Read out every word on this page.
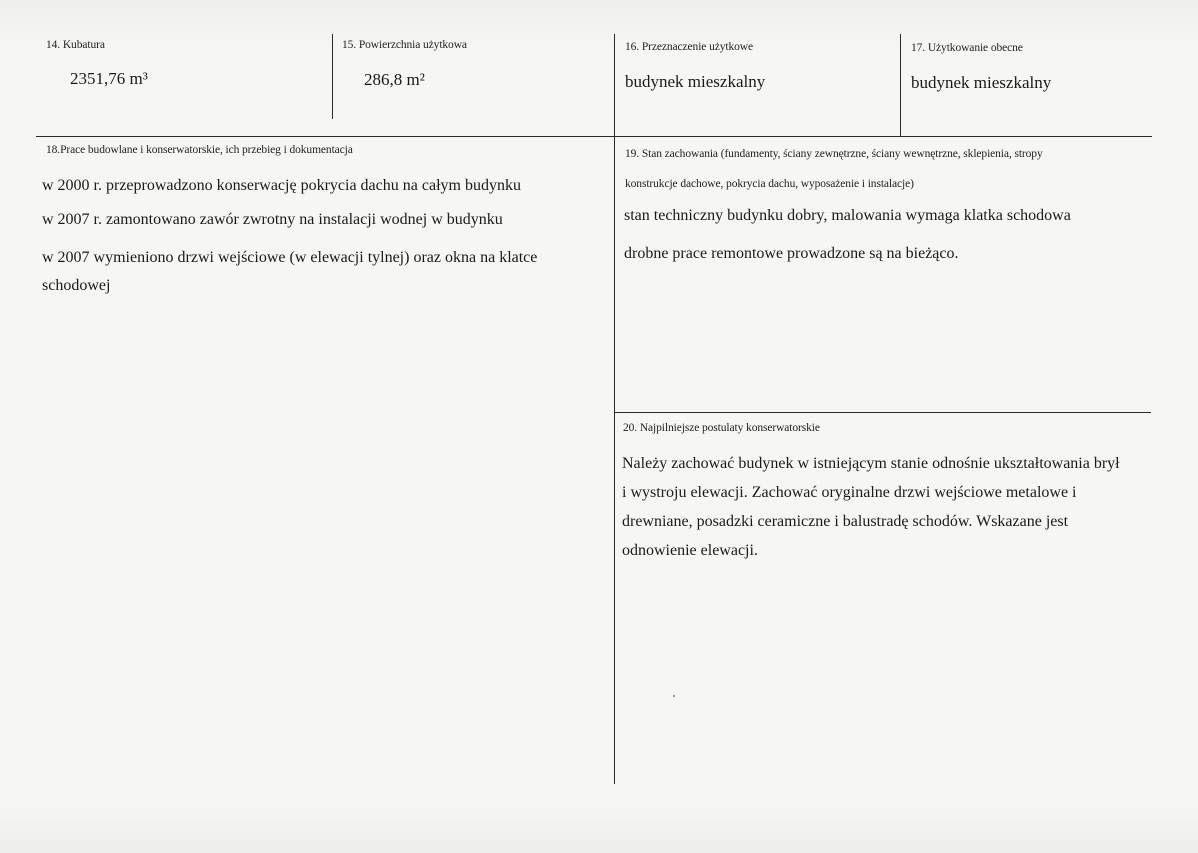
14. Kubatura
2351,76 m³
15. Powierzchnia użytkowa
286,8 m²
16. Przeznaczenie użytkowe
budynek mieszkalny
17. Użytkowanie obecne
budynek mieszkalny
18.Prace budowlane i konserwatorskie, ich przebieg i dokumentacja
w 2000 r. przeprowadzono konserwację pokrycia dachu na całym budynku
w 2007 r. zamontowano zawór zwrotny na instalacji wodnej w budynku
w 2007 wymieniono drzwi wejściowe (w elewacji tylnej) oraz okna na klatce
schodowej
19. Stan zachowania (fundamenty, ściany zewnętrzne, ściany wewnętrzne, sklepienia, stropy
konstrukcje dachowe, pokrycia dachu, wyposażenie i instalacje)
stan techniczny budynku dobry, malowania wymaga klatka schodowa
drobne prace remontowe prowadzone są na bieżąco.
20. Najpilniejsze postulaty konserwatorskie
Należy zachować budynek w istniejącym stanie odnośnie ukształtowania brył
i wystroju elewacji. Zachować oryginalne drzwi wejściowe metalowe i
drewniane, posadzki ceramiczne i balustradę schodów. Wskazane jest
odnowienie elewacji.
